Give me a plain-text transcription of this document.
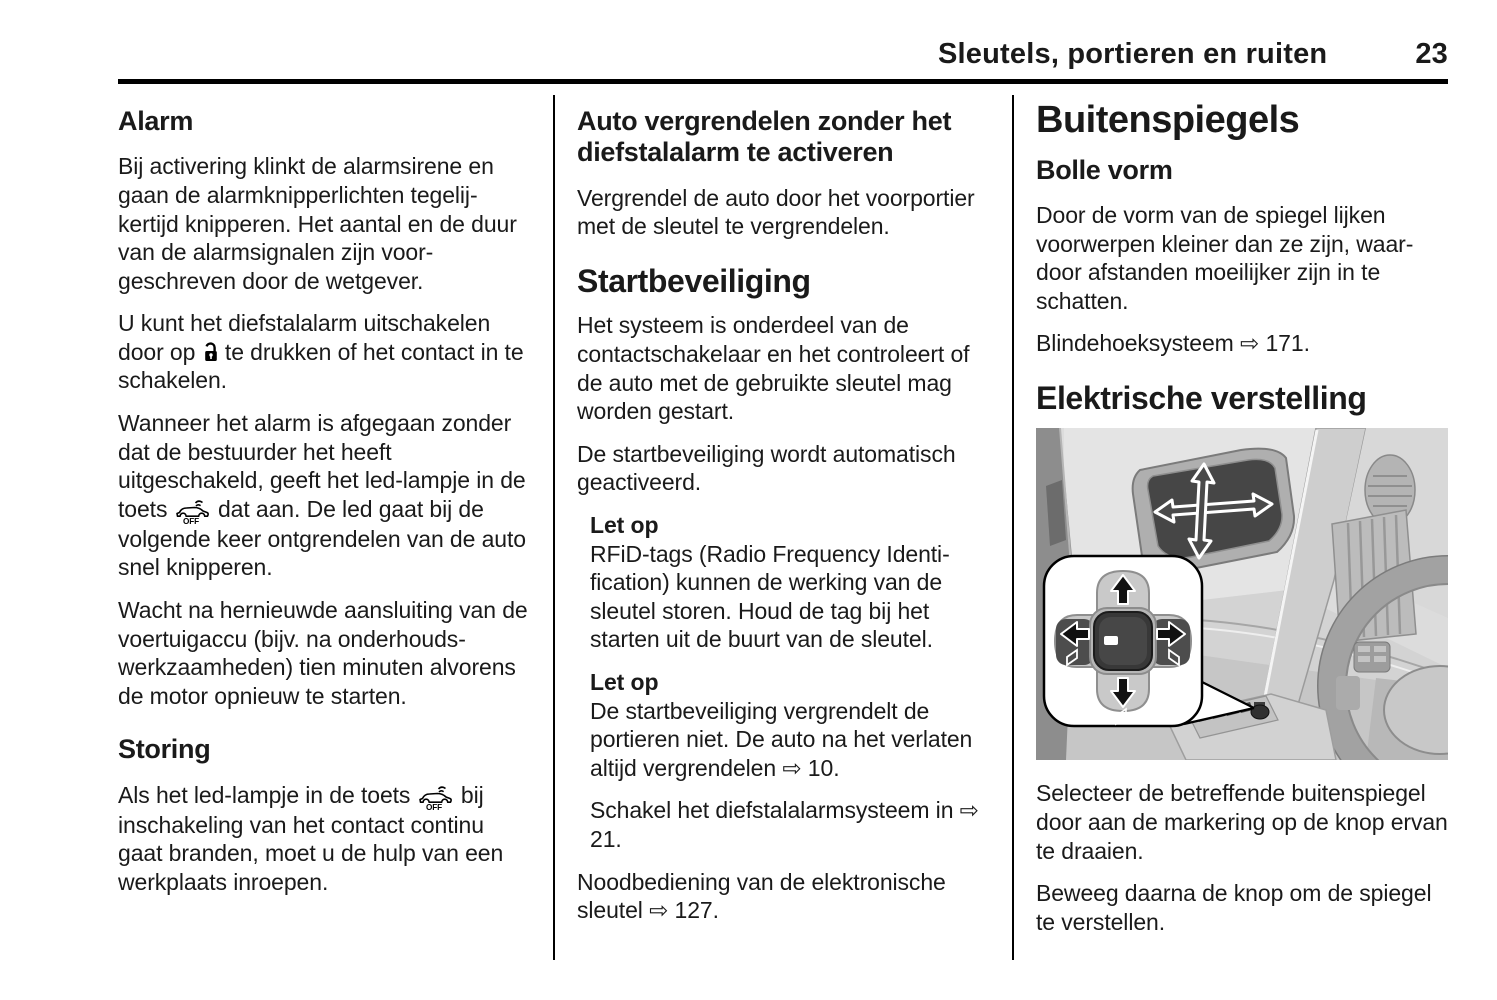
Sleutels, portieren en ruiten	23
Alarm

Bij activering klinkt de alarmsirene en gaan de alarmknipperlichten tegelijkertijd knipperen. Het aantal en de duur van de alarmsignalen zijn voorgeschreven door de wetgever.

U kunt het diefstalalarm uitschakelen door op  te drukken of het contact in te schakelen.

Wanneer het alarm is afgegaan zonder dat de bestuurder het heeft uitgeschakeld, geeft het led-lampje in de toets OFF dat aan. De led gaat bij de volgende keer ontgrendelen van de auto snel knipperen.

Wacht na hernieuwde aansluiting van de voertuigaccu (bijv. na onderhoudswerkzaamheden) tien minuten alvorens de motor opnieuw te starten.

Storing

Als het led-lampje in de toets OFF bij inschakeling van het contact continu gaat branden, moet u de hulp van een werkplaats inroepen.

Auto vergrendelen zonder het diefstalalarm te activeren

Vergrendel de auto door het voorportier met de sleutel te vergrendelen.

Startbeveiliging

Het systeem is onderdeel van de contactschakelaar en het controleert of de auto met de gebruikte sleutel mag worden gestart.

De startbeveiliging wordt automatisch geactiveerd.

Let op

RFiD-tags (Radio Frequency Identification) kunnen de werking van de sleutel storen. Houd de tag bij het starten uit de buurt van de sleutel.

Let op

De startbeveiliging vergrendelt de portieren niet. De auto na het verlaten altijd vergrendelen ⇨ 10.

Schakel het diefstalalarmsysteem in ⇨ 21.

Noodbediening van de elektronische sleutel ⇨ 127.

Buitenspiegels
Bolle vorm

Door de vorm van de spiegel lijken voorwerpen kleiner dan ze zijn, waardoor afstanden moeilijker zijn in te schatten.

Blindehoeksysteem ⇨ 171.

Elektrische verstelling

Selecteer de betreffende buitenspiegel door aan de markering op de knop ervan te draaien.

Beweeg daarna de knop om de spiegel te verstellen.
